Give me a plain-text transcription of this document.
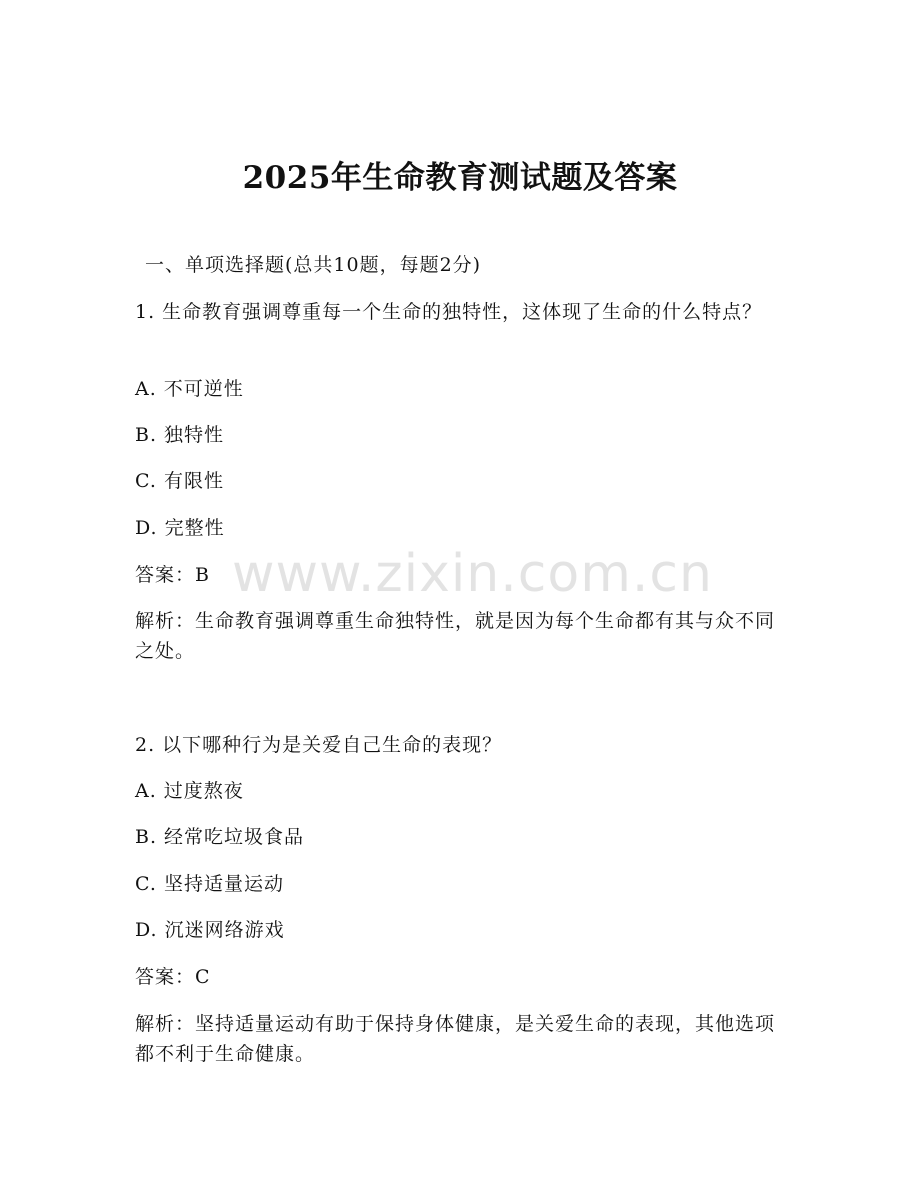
www.zixin.com.cn
2025年生命教育测试题及答案
一、单项选择题(总共10题，每题2分)
1. 生命教育强调尊重每一个生命的独特性，这体现了生命的什么特点？
A. 不可逆性
B. 独特性
C. 有限性
D. 完整性
答案：B
解析：生命教育强调尊重生命独特性，就是因为每个生命都有其与众不同之处。
2. 以下哪种行为是关爱自己生命的表现？
A. 过度熬夜
B. 经常吃垃圾食品
C. 坚持适量运动
D. 沉迷网络游戏
答案：C
解析：坚持适量运动有助于保持身体健康，是关爱生命的表现，其他选项都不利于生命健康。
